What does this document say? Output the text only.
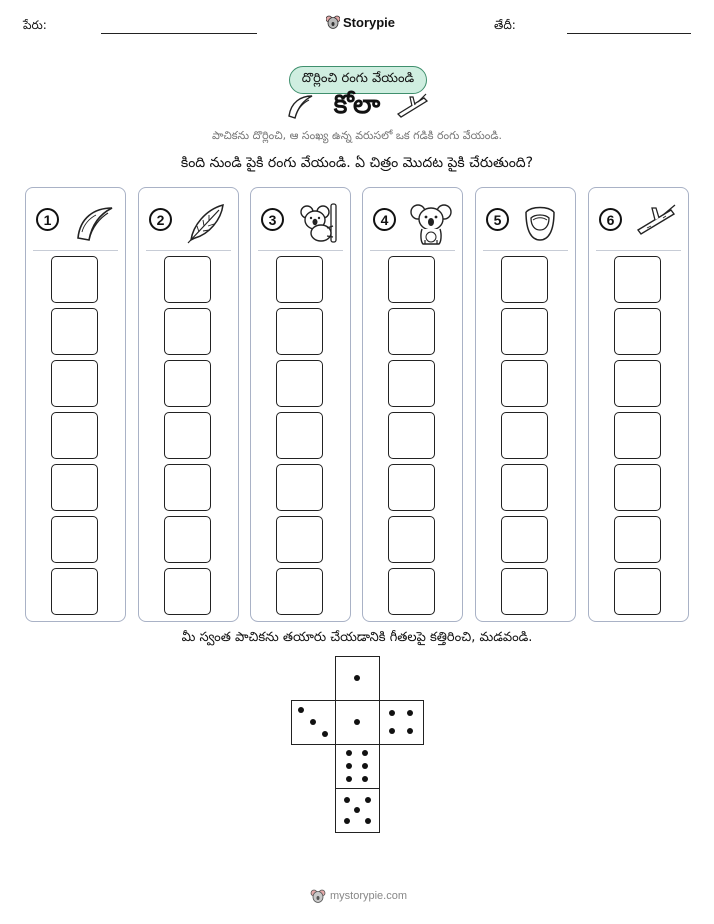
పేరు:	Storypie	తేదీ:
దొర్లించి రంగు వేయండి
కోలా
పాచికను దొర్లించి, ఆ సంఖ్య ఉన్న వరుసలో ఒక గడికి రంగు వేయండి.
కింది నుండి పైకి రంగు వేయండి. ఏ చిత్రం మొదట పైకి చేరుతుంది?
1	2	3	4	5	6
మీ స్వంత పాచికను తయారు చేయడానికి గీతలపై కత్తిరించి, మడవండి.
mystorypie.com
